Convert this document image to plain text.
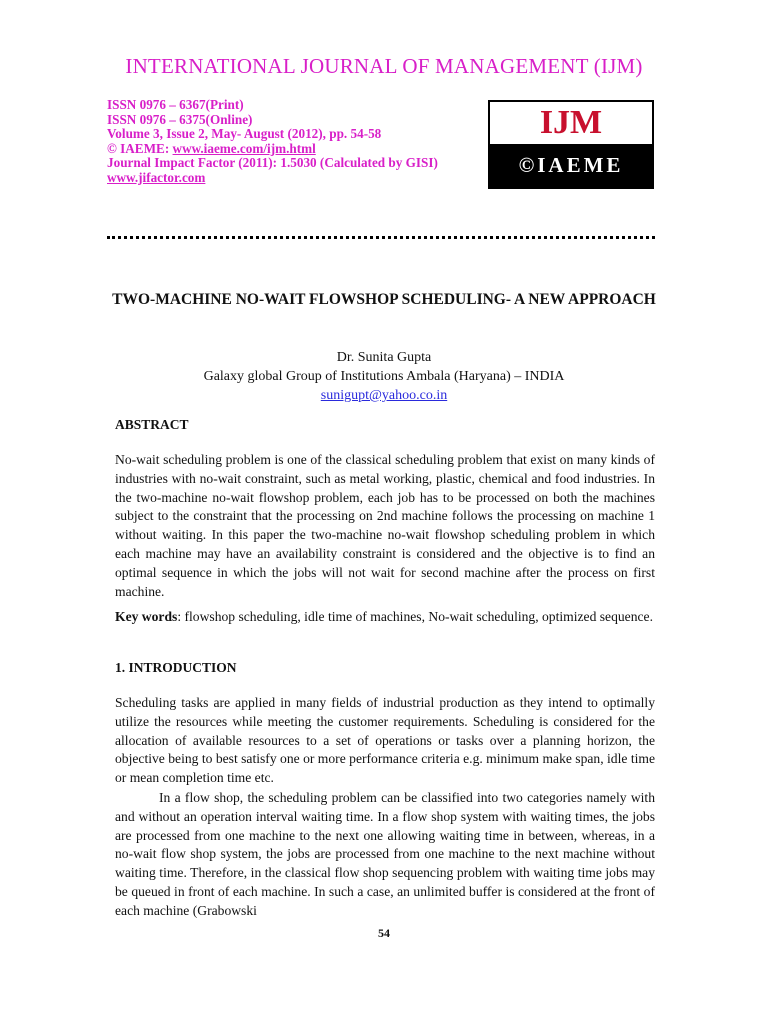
INTERNATIONAL JOURNAL OF MANAGEMENT (IJM)
ISSN 0976 – 6367(Print)
ISSN 0976 – 6375(Online)
Volume 3, Issue 2, May- August (2012), pp. 54-58
© IAEME: www.iaeme.com/ijm.html
Journal Impact Factor (2011): 1.5030 (Calculated by GISI)
www.jifactor.com
IJM
©IAEME
TWO-MACHINE NO-WAIT FLOWSHOP SCHEDULING- A NEW APPROACH
Dr. Sunita Gupta
Galaxy global Group of Institutions Ambala (Haryana) – INDIA
sunigupt@yahoo.co.in
ABSTRACT
No-wait scheduling problem is one of the classical scheduling problem that exist on many kinds of industries with no-wait constraint, such as metal working, plastic, chemical and food industries. In the two-machine no-wait flowshop problem, each job has to be processed on both the machines subject to the constraint that the processing on 2nd machine follows the processing on machine 1 without waiting. In this paper the two-machine no-wait flowshop scheduling problem in which each machine may have an availability constraint is considered and the objective is to find an optimal sequence in which the jobs will not wait for second machine after the process on first machine.
Key words: flowshop scheduling, idle time of machines, No-wait scheduling, optimized sequence.
1. INTRODUCTION
Scheduling tasks are applied in many fields of industrial production as they intend to optimally utilize the resources while meeting the customer requirements. Scheduling is considered for the allocation of available resources to a set of operations or tasks over a planning horizon, the objective being to best satisfy one or more performance criteria e.g. minimum make span, idle time or mean completion time etc.
In a flow shop, the scheduling problem can be classified into two categories namely with and without an operation interval waiting time. In a flow shop system with waiting times, the jobs are processed from one machine to the next one allowing waiting time in between, whereas, in a no-wait flow shop system, the jobs are processed from one machine to the next machine without waiting time. Therefore, in the classical flow shop sequencing problem with waiting time jobs may be queued in front of each machine. In such a case, an unlimited buffer is considered at the front of each machine (Grabowski
54
